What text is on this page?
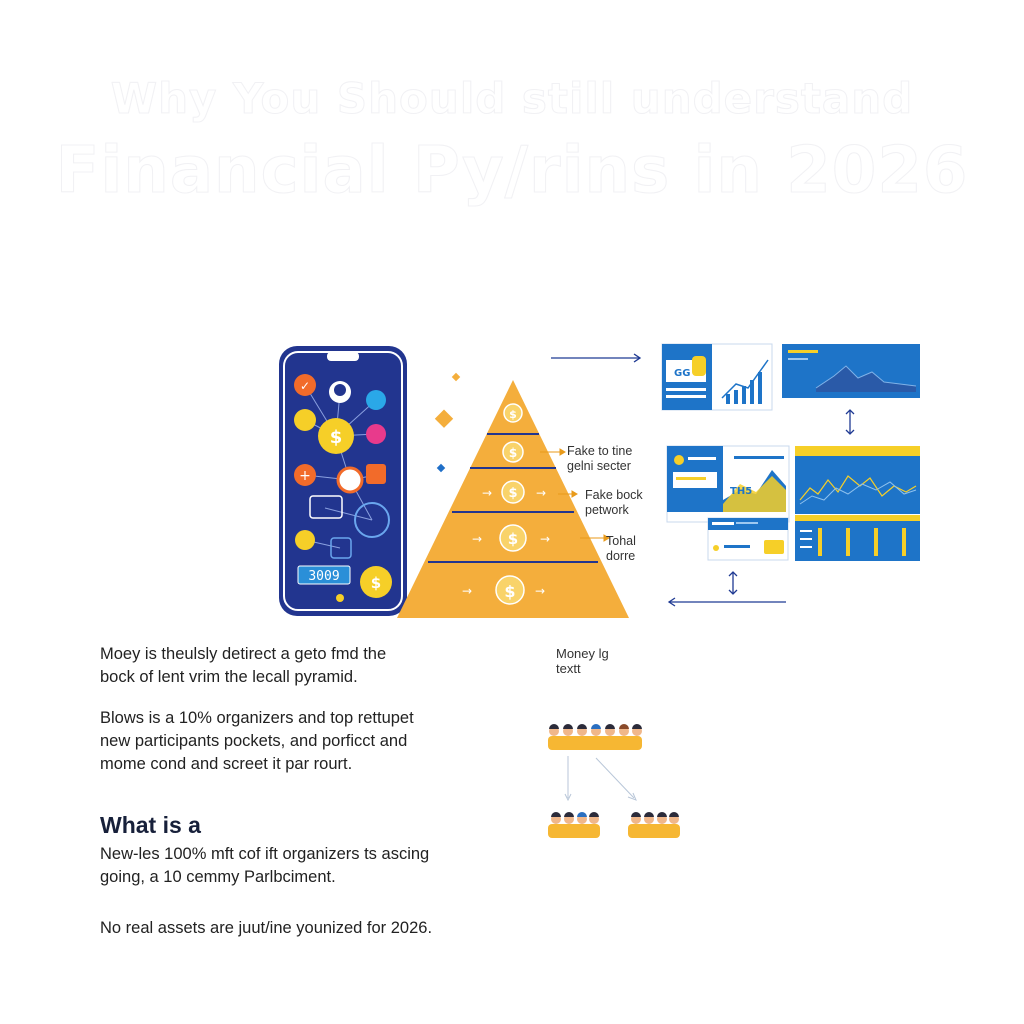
Why You Should still understand
Financial Py/rins in 2026
✓
$
+
3009 $
$
$
$
$
$
→	→
→	→
→	→
GG
TH5
Fake to tine
gelni secter
Fake bock
petwork
Tohal
dorre
Money lg
textt
Moey is theulsly detirect a geto fmd the
bock of lent vrim the lecall pyramid.
Blows is a 10% organizers and top rettupet
new participants pockets, and porficct and
mome cond and screet it par rourt.
What is a
New-les 100% mft cof ift organizers ts ascing
going, a 10 cemmy Parlbciment.
No real assets are juut/ine younized for 2026.
